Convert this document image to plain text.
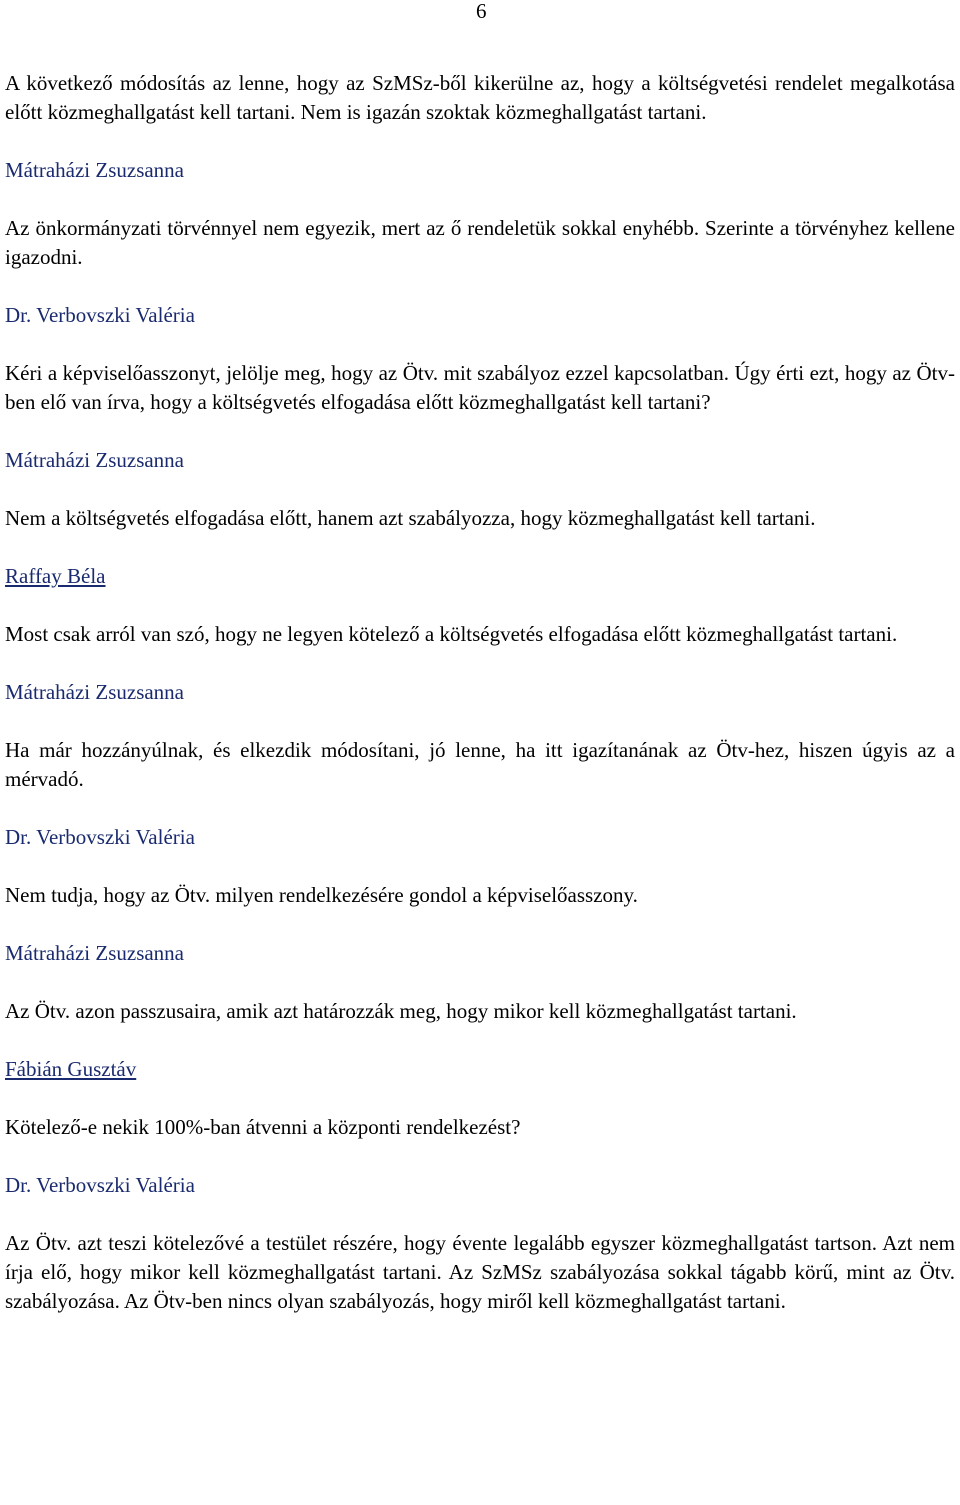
6

A következő módosítás az lenne, hogy az SzMSz-ből kikerülne az, hogy a költségvetési rendelet megalkotása előtt közmeghallgatást kell tartani. Nem is igazán szoktak közmeghallgatást tartani.

Mátraházi Zsuzsanna

Az önkormányzati törvénnyel nem egyezik, mert az ő rendeletük sokkal enyhébb. Szerinte a törvényhez kellene igazodni.

Dr. Verbovszki Valéria

Kéri a képviselőasszonyt, jelölje meg, hogy az Ötv. mit szabályoz ezzel kapcsolatban. Úgy érti ezt, hogy az Ötv-ben elő van írva, hogy a költségvetés elfogadása előtt közmeghallgatást kell tartani?

Mátraházi Zsuzsanna

Nem a költségvetés elfogadása előtt, hanem azt szabályozza, hogy közmeghallgatást kell tartani.

Raffay Béla

Most csak arról van szó, hogy ne legyen kötelező a költségvetés elfogadása előtt közmeghallgatást tartani.

Mátraházi Zsuzsanna

Ha már hozzányúlnak, és elkezdik módosítani, jó lenne, ha itt igazítanának az Ötv-hez, hiszen úgyis az a mérvadó.

Dr. Verbovszki Valéria

Nem tudja, hogy az Ötv. milyen rendelkezésére gondol a képviselőasszony.

Mátraházi Zsuzsanna

Az Ötv. azon passzusaira, amik azt határozzák meg, hogy mikor kell közmeghallgatást tartani.

Fábián Gusztáv

Kötelező-e nekik 100%-ban átvenni a központi rendelkezést?

Dr. Verbovszki Valéria

Az Ötv. azt teszi kötelezővé a testület részére, hogy évente legalább egyszer közmeghallgatást tartson. Azt nem írja elő, hogy mikor kell közmeghallgatást tartani. Az SzMSz szabályozása sokkal tágabb körű, mint az Ötv. szabályozása. Az Ötv-ben nincs olyan szabályozás, hogy miről kell közmeghallgatást tartani.
